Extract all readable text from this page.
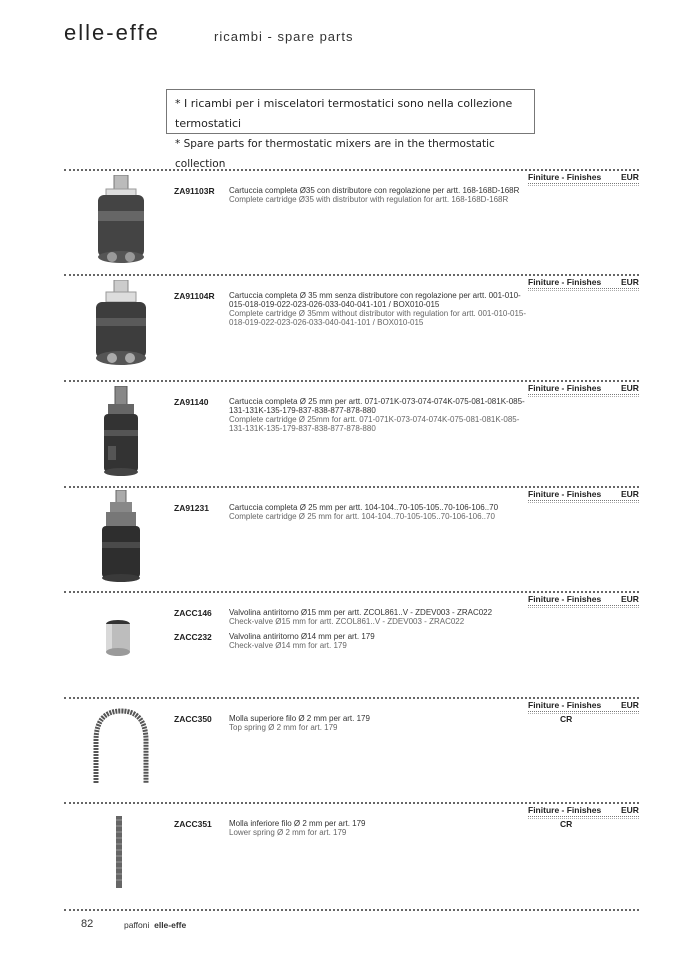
elle-effe	ricambi - spare parts
* I ricambi per i miscelatori termostatici sono nella collezione termostatici
* Spare parts for thermostatic mixers are in the thermostatic collection
Finiture - Finishes EUR
ZA91103R Cartuccia completa Ø35 con distributore con regolazione per artt. 168-168D-168R
Complete cartridge Ø35 with distributor with regulation for artt. 168-168D-168R
Finiture - Finishes EUR
ZA91104R Cartuccia completa Ø 35 mm senza distributore con regolazione per artt. 001-010-015-018-019-022-023-026-033-040-041-101 / BOX010-015
Complete cartridge Ø 35mm without distributor with regulation for artt. 001-010-015-018-019-022-023-026-033-040-041-101 / BOX010-015
Finiture - Finishes EUR
ZA91140	Cartuccia completa Ø 25 mm per artt. 071-071K-073-074-074K-075-081-081K-085-131-131K-135-179-837-838-877-878-880
Complete cartridge Ø 25mm for artt. 071-071K-073-074-074K-075-081-081K-085-131-131K-135-179-837-838-877-878-880
Finiture - Finishes EUR
ZA91231	Cartuccia completa Ø 25 mm per artt. 104-104..70-105-105..70-106-106..70
Complete cartridge Ø 25 mm for artt. 104-104..70-105-105..70-106-106..70
Finiture - Finishes EUR
ZACC146 Valvolina antiritorno Ø15 mm per artt. ZCOL861..V - ZDEV003 - ZRAC022
Check-valve Ø15 mm for artt. ZCOL861..V - ZDEV003 - ZRAC022
ZACC232 Valvolina antiritorno Ø14 mm per art. 179
Check-valve Ø14 mm for art. 179
Finiture - Finishes EUR
ZACC350 Molla superiore filo Ø 2 mm per art. 179
Top spring Ø 2 mm for art. 179
CR
Finiture - Finishes EUR
ZACC351 Molla inferiore filo Ø 2 mm per art. 179
Lower spring Ø 2 mm for art. 179
CR
82	paffoni elle-effe
